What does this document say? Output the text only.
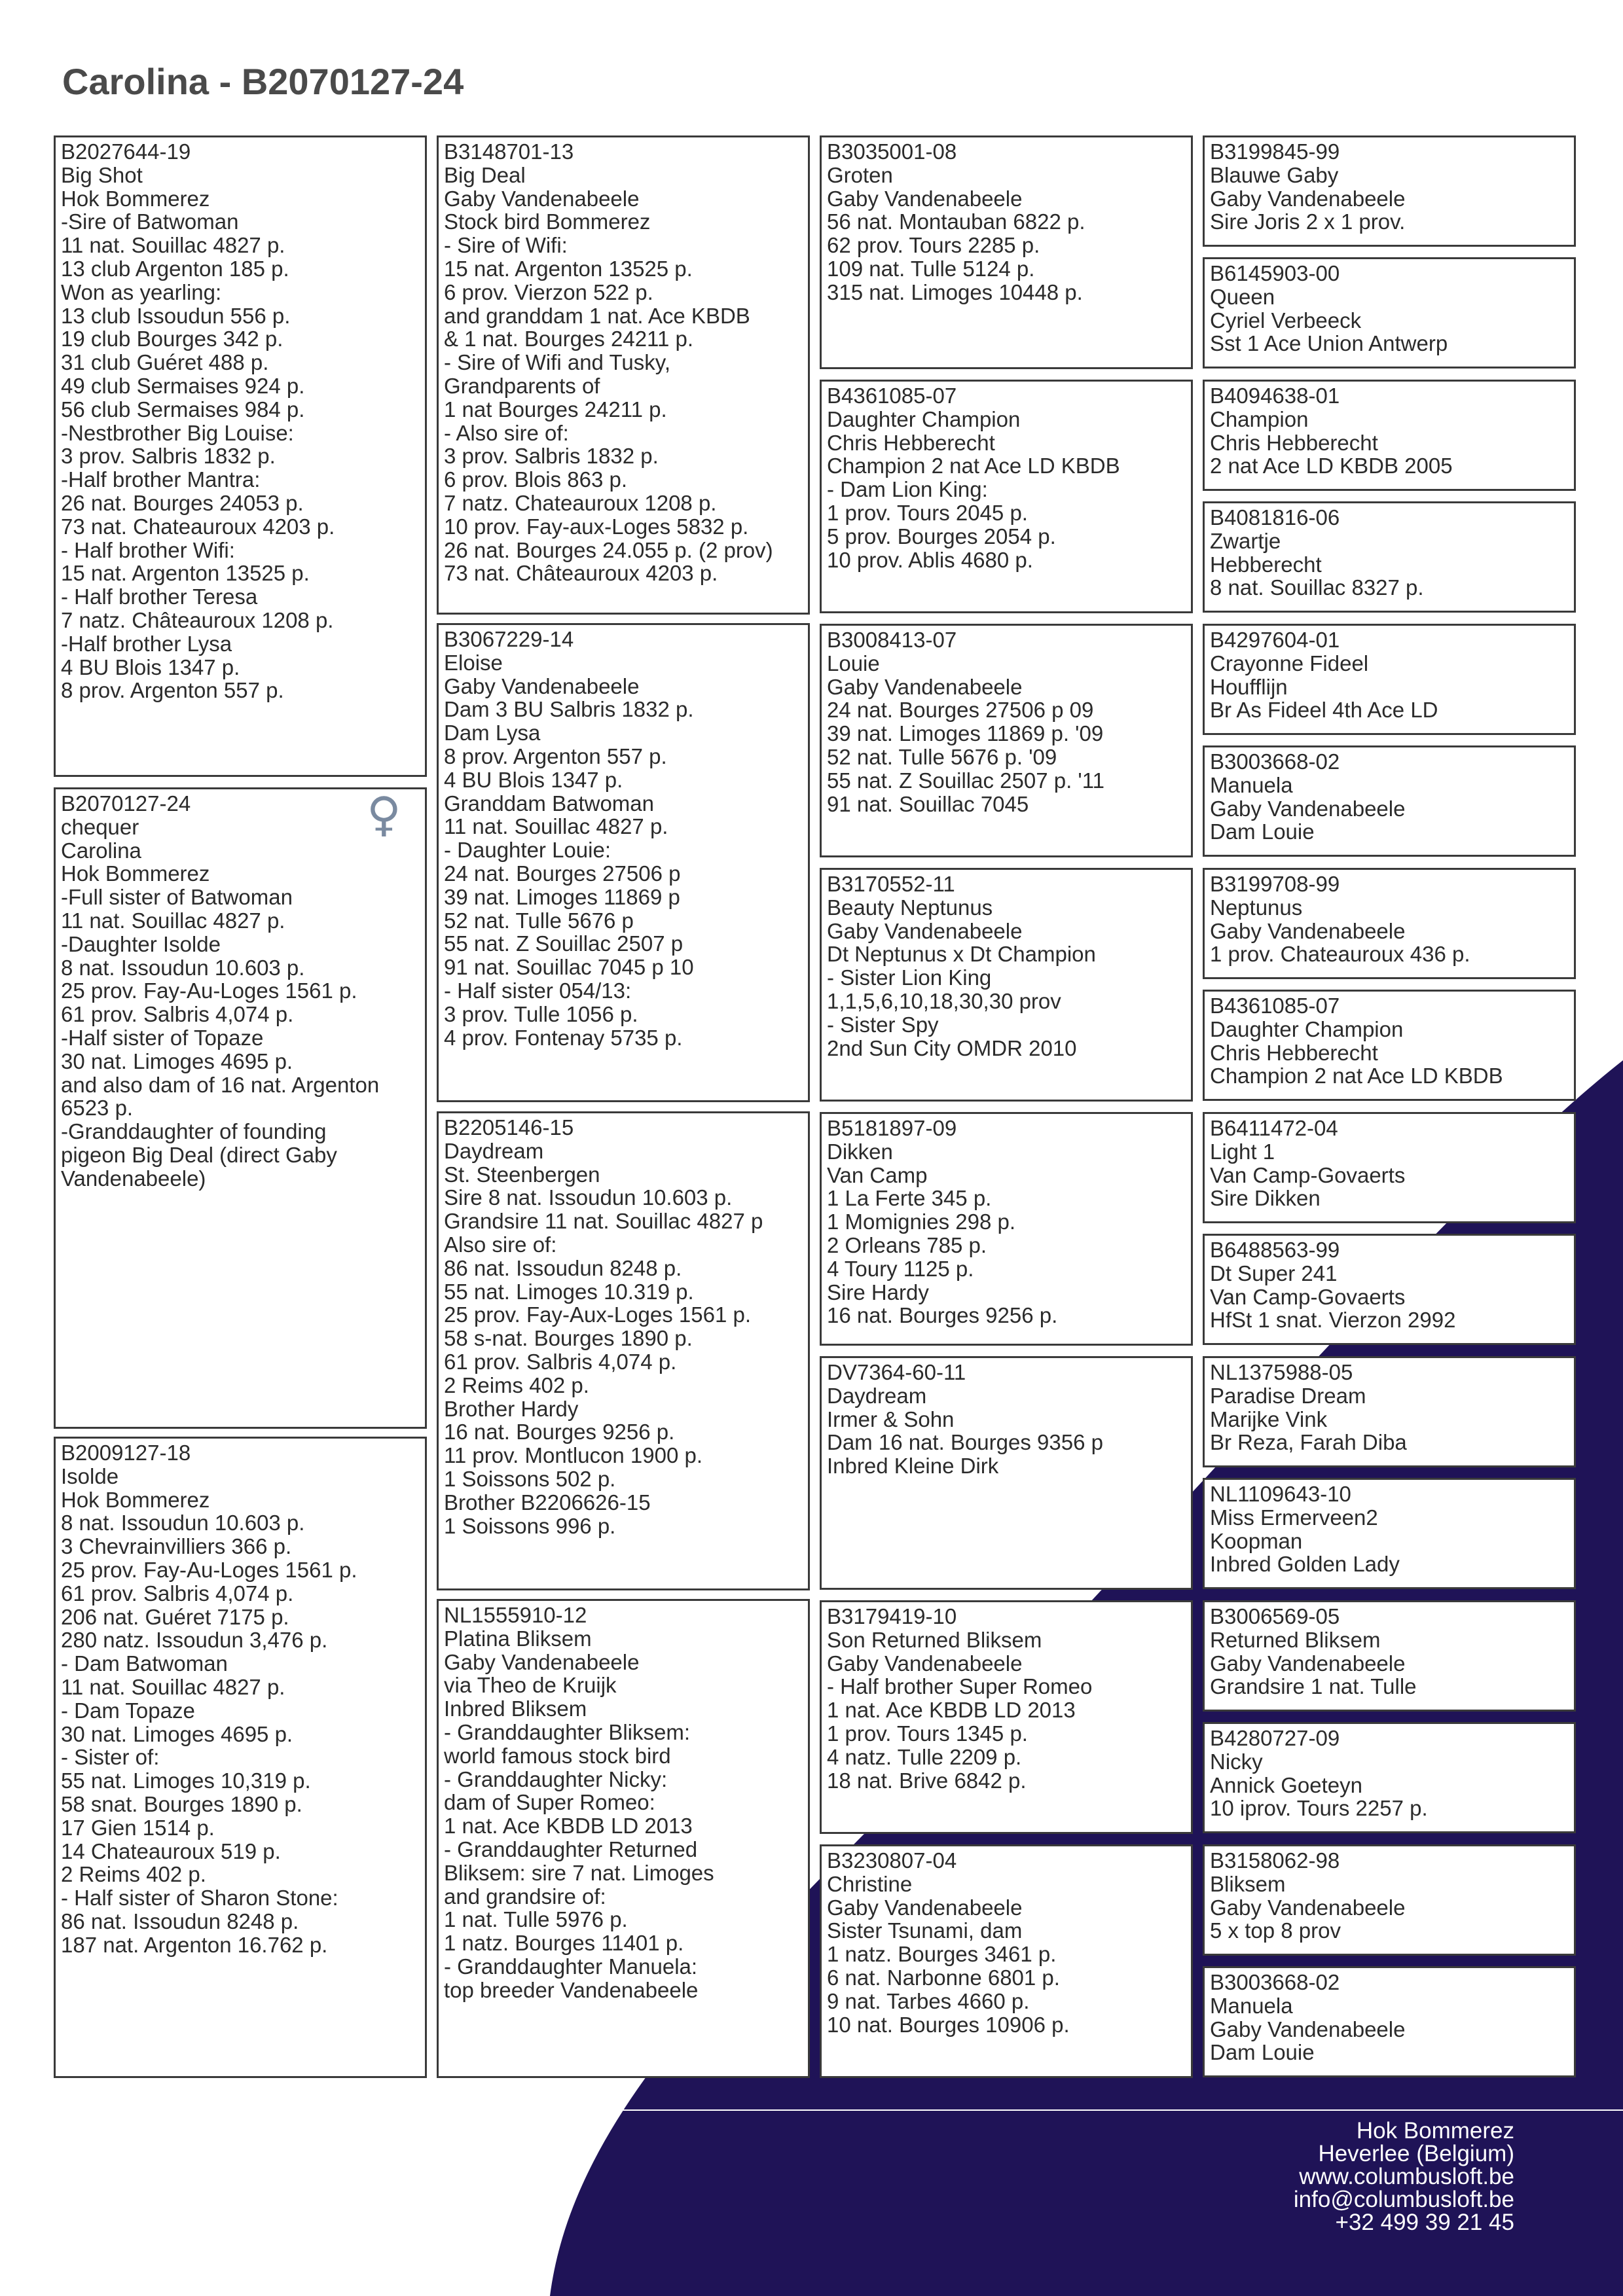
Carolina - B2070127-24
♀
B2070127-24
chequer
Carolina
Hok Bommerez
-Full sister of Batwoman
11 nat. Souillac 4827 p.
-Daughter Isolde
8 nat. Issoudun 10.603 p.
25 prov. Fay-Au-Loges 1561 p.
61 prov. Salbris 4,074 p.
-Half sister of Topaze
30 nat. Limoges 4695 p.
and also dam of 16 nat. Argenton
6523 p.
-Granddaughter of founding
pigeon Big Deal (direct Gaby
Vandenabeele)
B2027644-19
Big Shot
Hok Bommerez
-Sire of Batwoman
11 nat. Souillac 4827 p.
13 club Argenton 185 p.
Won as yearling:
13 club Issoudun 556 p.
19 club Bourges 342 p.
31 club Guéret 488 p.
49 club Sermaises 924 p.
56 club Sermaises 984 p.
-Nestbrother Big Louise:
3 prov. Salbris 1832 p.
-Half brother Mantra:
26 nat. Bourges 24053 p.
73 nat. Chateauroux 4203 p.
- Half brother Wifi:
15 nat. Argenton 13525 p.
- Half brother Teresa
7 natz. Châteauroux 1208 p.
-Half brother Lysa
4 BU Blois 1347 p.
8 prov. Argenton 557 p.
B2009127-18
Isolde
Hok Bommerez
8 nat. Issoudun 10.603 p.
3 Chevrainvilliers 366 p.
25 prov. Fay-Au-Loges 1561 p.
61 prov. Salbris 4,074 p.
206 nat. Guéret 7175 p.
280 natz. Issoudun 3,476 p.
- Dam Batwoman
11 nat. Souillac 4827 p.
- Dam Topaze
30 nat. Limoges 4695 p.
- Sister of:
55 nat. Limoges 10,319 p.
58 snat. Bourges 1890 p.
17 Gien 1514 p.
14 Chateauroux 519 p.
2 Reims 402 p.
- Half sister of Sharon Stone:
86 nat. Issoudun 8248 p.
187 nat. Argenton 16.762 p.
B3148701-13
Big Deal
Gaby Vandenabeele
Stock bird Bommerez
- Sire of Wifi:
15 nat. Argenton 13525 p.
6 prov. Vierzon 522 p.
and granddam 1 nat. Ace KBDB
& 1 nat. Bourges 24211 p.
- Sire of Wifi and Tusky,
Grandparents of
1 nat Bourges 24211 p.
- Also sire of:
3 prov. Salbris 1832 p.
6 prov. Blois 863 p.
7 natz. Chateauroux 1208 p.
10 prov. Fay-aux-Loges 5832 p.
26 nat. Bourges 24.055 p. (2 prov)
73 nat. Châteauroux 4203 p.
B3067229-14
Eloise
Gaby Vandenabeele
Dam 3 BU Salbris 1832 p.
Dam Lysa
8 prov. Argenton 557 p.
4 BU Blois 1347 p.
Granddam Batwoman
11 nat. Souillac 4827 p.
- Daughter Louie:
24 nat. Bourges 27506 p
39 nat. Limoges 11869 p
52 nat. Tulle 5676 p
55 nat. Z Souillac 2507 p
91 nat. Souillac 7045 p 10
- Half sister 054/13:
3 prov. Tulle 1056 p.
4 prov. Fontenay 5735 p.
B2205146-15
Daydream
St. Steenbergen
Sire 8 nat. Issoudun 10.603 p.
Grandsire 11 nat. Souillac 4827 p
Also sire of:
86 nat. Issoudun 8248 p.
55 nat. Limoges 10.319 p.
25 prov. Fay-Aux-Loges 1561 p.
58 s-nat. Bourges 1890 p.
61 prov. Salbris 4,074 p.
2 Reims 402 p.
Brother Hardy
16 nat. Bourges 9256 p.
11 prov. Montlucon 1900 p.
1 Soissons 502 p.
Brother B2206626-15
1 Soissons 996 p.
NL1555910-12
Platina Bliksem
Gaby Vandenabeele
via Theo de Kruijk
Inbred Bliksem
- Granddaughter Bliksem:
world famous stock bird
- Granddaughter Nicky:
dam of Super Romeo:
1 nat. Ace KBDB LD 2013
- Granddaughter Returned
Bliksem: sire 7 nat. Limoges
and grandsire of:
1 nat. Tulle 5976 p.
1 natz. Bourges 11401 p.
- Granddaughter Manuela:
top breeder Vandenabeele
B3035001-08
Groten
Gaby Vandenabeele
56 nat. Montauban 6822 p.
62 prov. Tours 2285 p.
109 nat. Tulle 5124 p.
315 nat. Limoges 10448 p.
B4361085-07
Daughter Champion
Chris Hebberecht
Champion 2 nat Ace LD KBDB
- Dam Lion King:
1 prov. Tours 2045 p.
5 prov. Bourges 2054 p.
10 prov. Ablis 4680 p.
B3008413-07
Louie
Gaby Vandenabeele
24 nat. Bourges 27506 p 09
39 nat. Limoges 11869 p. '09
52 nat. Tulle 5676 p. '09
55 nat. Z Souillac 2507 p. '11
91 nat. Souillac 7045
B3170552-11
Beauty Neptunus
Gaby Vandenabeele
Dt Neptunus x Dt Champion
- Sister Lion King
1,1,5,6,10,18,30,30 prov
- Sister Spy
2nd Sun City OMDR 2010
B5181897-09
Dikken
Van Camp
1 La Ferte 345 p.
1 Momignies 298 p.
2 Orleans 785 p.
4 Toury 1125 p.
Sire Hardy
16 nat. Bourges 9256 p.
DV7364-60-11
Daydream
Irmer & Sohn
Dam 16 nat. Bourges 9356 p
Inbred Kleine Dirk
B3179419-10
Son Returned Bliksem
Gaby Vandenabeele
- Half brother Super Romeo
1 nat. Ace KBDB LD 2013
1 prov. Tours 1345 p.
4 natz. Tulle 2209 p.
18 nat. Brive 6842 p.
B3230807-04
Christine
Gaby Vandenabeele
Sister Tsunami, dam
1 natz. Bourges 3461 p.
6 nat. Narbonne 6801 p.
9 nat. Tarbes 4660 p.
10 nat. Bourges 10906 p.
B3199845-99
Blauwe Gaby
Gaby Vandenabeele
Sire Joris 2 x 1 prov.
B6145903-00
Queen
Cyriel Verbeeck
Sst 1 Ace Union Antwerp
B4094638-01
Champion
Chris Hebberecht
2 nat Ace LD KBDB 2005
B4081816-06
Zwartje
Hebberecht
8 nat. Souillac 8327 p.
B4297604-01
Crayonne Fideel
Houfflijn
Br As Fideel 4th Ace LD
B3003668-02
Manuela
Gaby Vandenabeele
Dam Louie
B3199708-99
Neptunus
Gaby Vandenabeele
1 prov. Chateauroux 436 p.
B4361085-07
Daughter Champion
Chris Hebberecht
Champion 2 nat Ace LD KBDB
B6411472-04
Light 1
Van Camp-Govaerts
Sire Dikken
B6488563-99
Dt Super 241
Van Camp-Govaerts
HfSt 1 snat. Vierzon 2992
NL1375988-05
Paradise Dream
Marijke Vink
Br Reza, Farah Diba
NL1109643-10
Miss Ermerveen2
Koopman
Inbred Golden Lady
B3006569-05
Returned Bliksem
Gaby Vandenabeele
Grandsire 1 nat. Tulle
B4280727-09
Nicky
Annick Goeteyn
10 iprov. Tours 2257 p.
B3158062-98
Bliksem
Gaby Vandenabeele
5 x top 8 prov
B3003668-02
Manuela
Gaby Vandenabeele
Dam Louie
Hok Bommerez
Heverlee (Belgium)
www.columbusloft.be
info@columbusloft.be
+32 499 39 21 45
